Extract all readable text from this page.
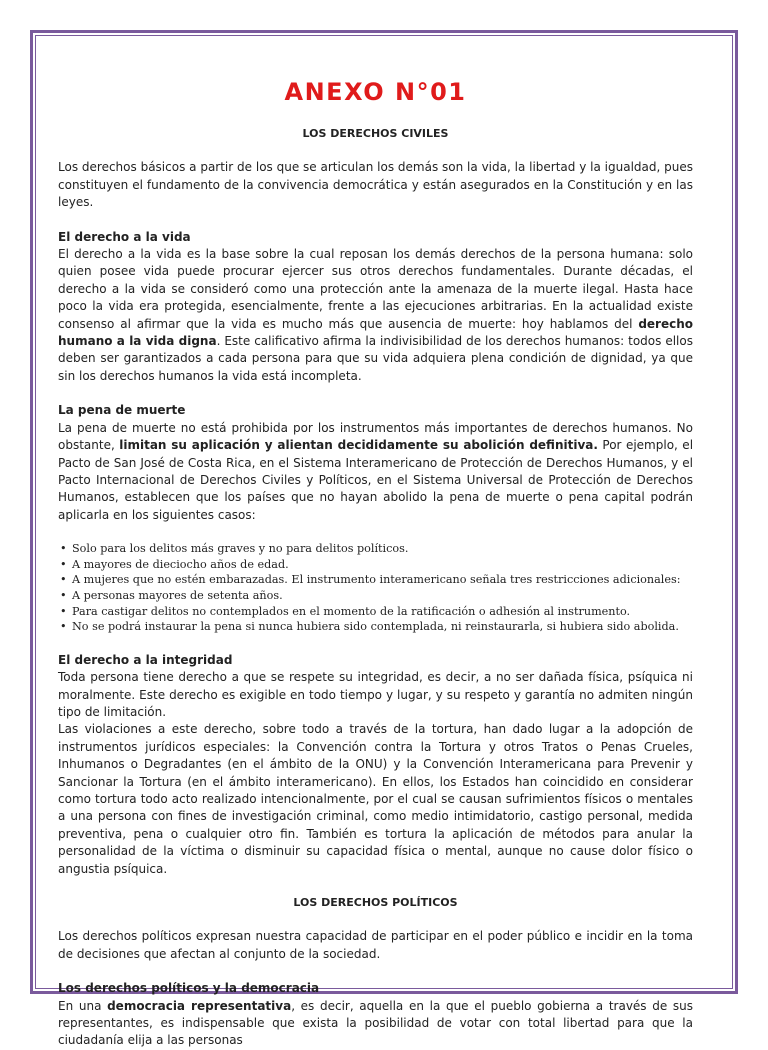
ANEXO N°01
LOS DERECHOS CIVILES

Los derechos básicos a partir de los que se articulan los demás son la vida, la libertad y la igualdad, pues constituyen el fundamento de la convivencia democrática y están asegurados en la Constitución y en las leyes.

El derecho a la vida

El derecho a la vida es la base sobre la cual reposan los demás derechos de la persona humana: solo quien posee vida puede procurar ejercer sus otros derechos fundamentales. Durante décadas, el derecho a la vida se consideró como una protección ante la amenaza de la muerte ilegal. Hasta hace poco la vida era protegida, esencialmente, frente a las ejecuciones arbitrarias. En la actualidad existe consenso al afirmar que la vida es mucho más que ausencia de muerte: hoy hablamos del derecho humano a la vida digna. Este calificativo afirma la indivisibilidad de los derechos humanos: todos ellos deben ser garantizados a cada persona para que su vida adquiera plena condición de dignidad, ya que sin los derechos humanos la vida está incompleta.

La pena de muerte

La pena de muerte no está prohibida por los instrumentos más importantes de derechos humanos. No obstante, limitan su aplicación y alientan decididamente su abolición definitiva. Por ejemplo, el Pacto de San José de Costa Rica, en el Sistema Interamericano de Protección de Derechos Humanos, y el Pacto Internacional de Derechos Civiles y Políticos, en el Sistema Universal de Protección de Derechos Humanos, establecen que los países que no hayan abolido la pena de muerte o pena capital podrán aplicarla en los siguientes casos:

• Solo para los delitos más graves y no para delitos políticos.
• A mayores de dieciocho años de edad.
• A mujeres que no estén embarazadas. El instrumento interamericano señala tres restricciones adicionales:
• A personas mayores de setenta años.
• Para castigar delitos no contemplados en el momento de la ratificación o adhesión al instrumento.
• No se podrá instaurar la pena si nunca hubiera sido contemplada, ni reinstaurarla, si hubiera sido abolida.
El derecho a la integridad

Toda persona tiene derecho a que se respete su integridad, es decir, a no ser dañada física, psíquica ni moralmente. Este derecho es exigible en todo tiempo y lugar, y su respeto y garantía no admiten ningún tipo de limitación.

Las violaciones a este derecho, sobre todo a través de la tortura, han dado lugar a la adopción de instrumentos jurídicos especiales: la Convención contra la Tortura y otros Tratos o Penas Crueles, Inhumanos o Degradantes (en el ámbito de la ONU) y la Convención Interamericana para Prevenir y Sancionar la Tortura (en el ámbito interamericano). En ellos, los Estados han coincidido en considerar como tortura todo acto realizado intencionalmente, por el cual se causan sufrimientos físicos o mentales a una persona con fines de investigación criminal, como medio intimidatorio, castigo personal, medida preventiva, pena o cualquier otro fin. También es tortura la aplicación de métodos para anular la personalidad de la víctima o disminuir su capacidad física o mental, aunque no cause dolor físico o angustia psíquica.

LOS DERECHOS POLÍTICOS

Los derechos políticos expresan nuestra capacidad de participar en el poder público e incidir en la toma de decisiones que afectan al conjunto de la sociedad.

Los derechos políticos y la democracia

En una democracia representativa, es decir, aquella en la que el pueblo gobierna a través de sus representantes, es indispensable que exista la posibilidad de votar con total libertad para que la ciudadanía elija a las personas
